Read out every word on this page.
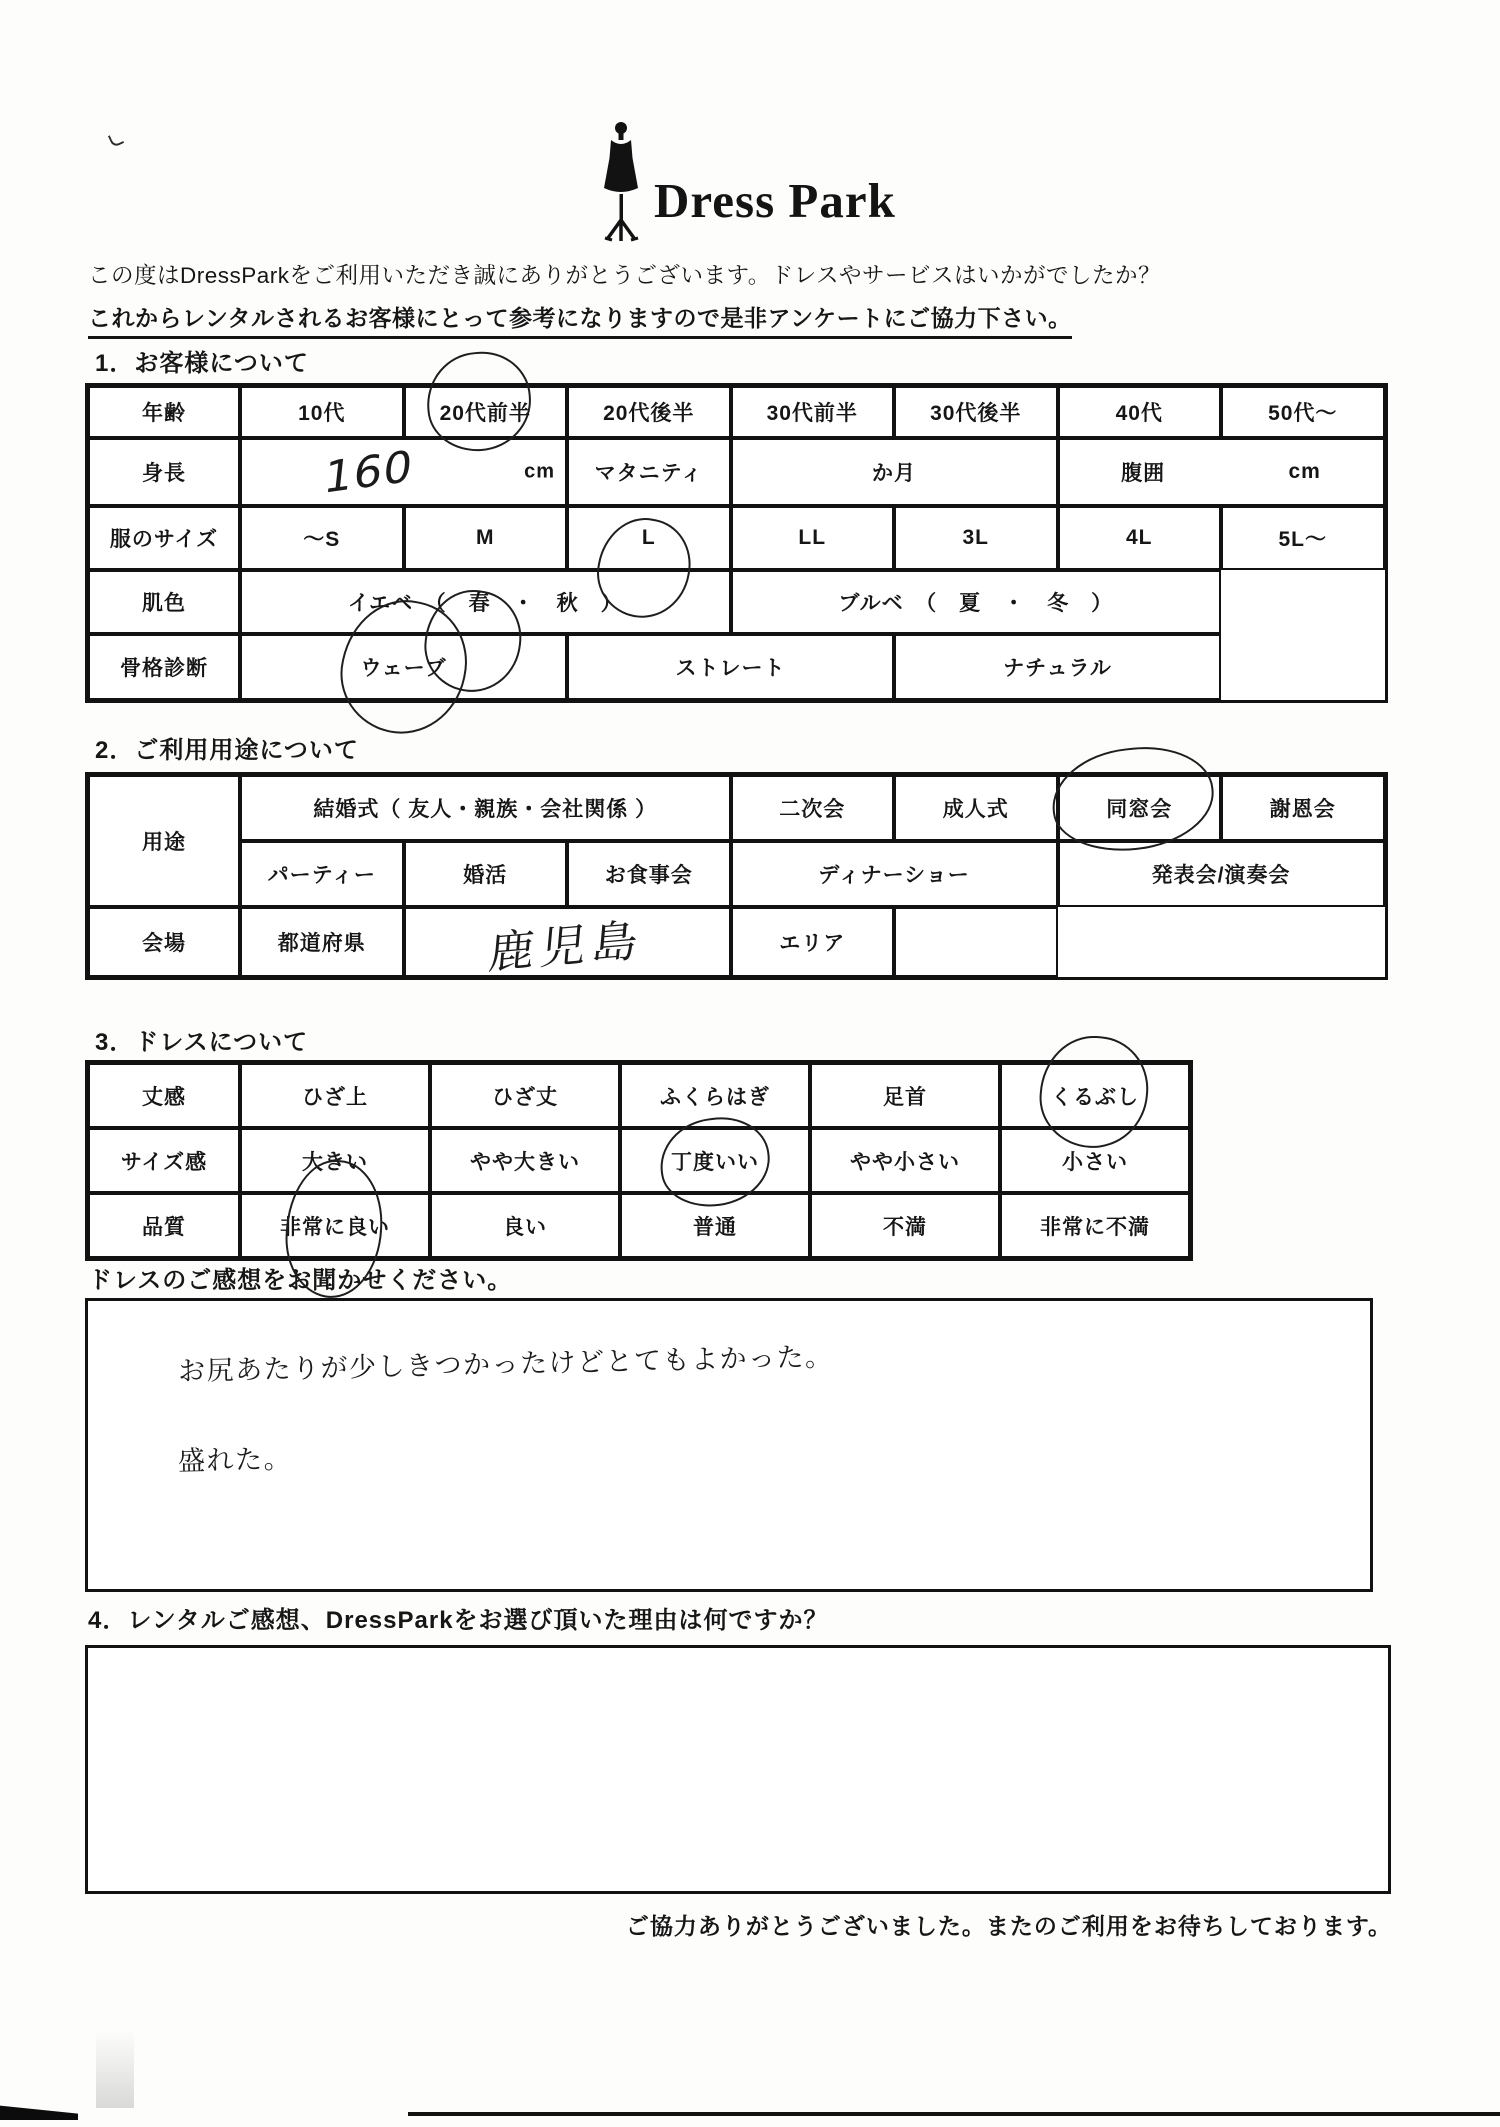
Dress Park
この度はDressParkをご利用いただき誠にありがとうございます。ドレスやサービスはいかがでしたか？
これからレンタルされるお客様にとって参考になりますので是非アンケートにご協力下さい。
1．お客様について
年齢	10代	20代前半	20代後半	30代前半	30代後半	40代	50代〜
身長	160	cm	マタニティ	か月	腹囲	cm
服のサイズ	〜S	M	L	LL	3L	4L	5L〜
肌色	イエベ　（　春　・　秋　）	ブルベ　（　夏　・　冬　）
骨格診断	ウェーブ	ストレート	ナチュラル
2．ご利用用途について
用途
結婚式（ 友人・親族・会社関係 ）	二次会	成人式	同窓会	謝恩会
パーティー	婚活	お食事会	ディナーショー	発表会/演奏会
会場	都道府県	鹿児島	エリア
3．ドレスについて
丈感	ひざ上	ひざ丈	ふくらはぎ	足首	くるぶし
サイズ感	大きい	やや大きい	丁度いい	やや小さい	小さい
品質	非常に良い	良い	普通	不満	非常に不満
ドレスのご感想をお聞かせください。
お尻あたりが少しきつかったけどとてもよかった。
盛れた。
4．レンタルご感想、DressParkをお選び頂いた理由は何ですか？
ご協力ありがとうございました。またのご利用をお待ちしております。
